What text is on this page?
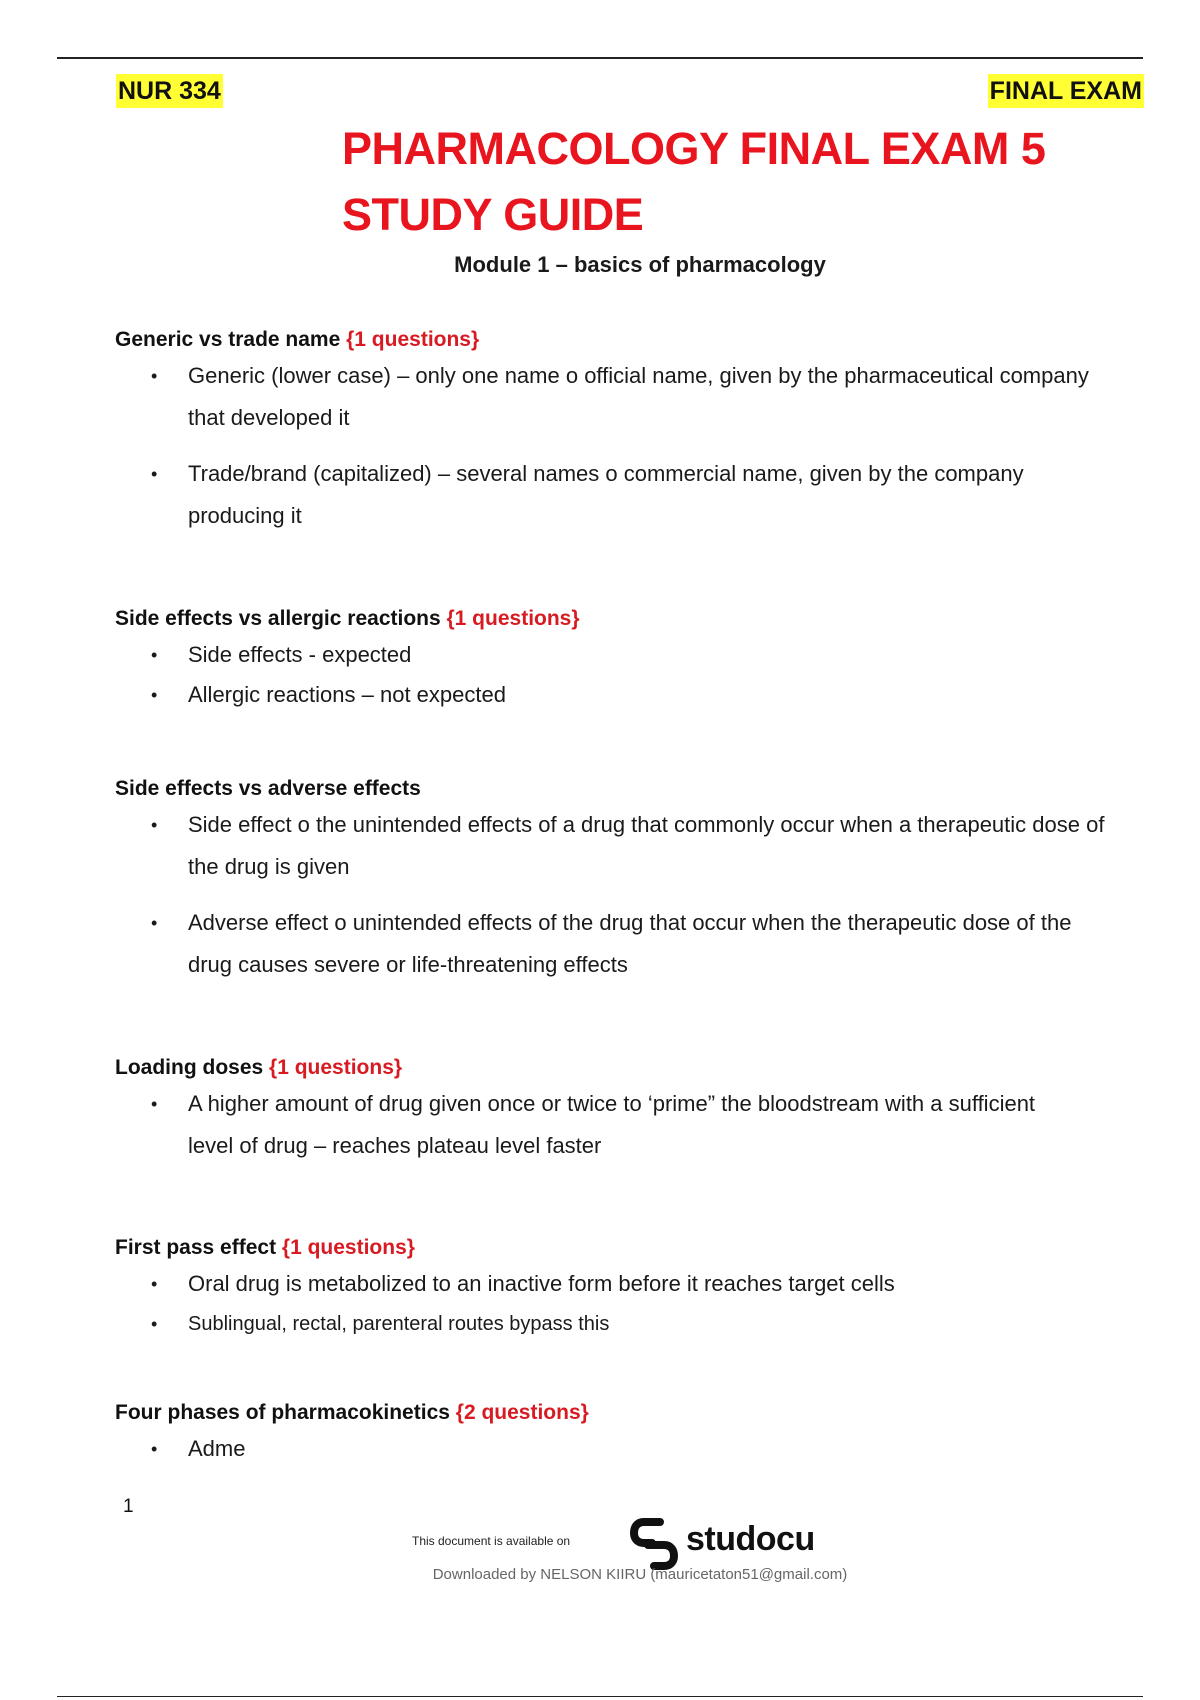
NUR 334	FINAL EXAM
PHARMACOLOGY FINAL EXAM 5
STUDY GUIDE
Module 1 – basics of pharmacology
Generic vs trade name {1 questions}
• Generic (lower case) – only one name o official name, given by the pharmaceutical company that developed it
• Trade/brand (capitalized) – several names o commercial name, given by the company producing it
Side effects vs allergic reactions {1 questions}
• Side effects - expected
• Allergic reactions – not expected
Side effects vs adverse effects
• Side effect o the unintended effects of a drug that commonly occur when a therapeutic dose of the drug is given
• Adverse effect o unintended effects of the drug that occur when the therapeutic dose of the drug causes severe or life-threatening effects
Loading doses {1 questions}
• A higher amount of drug given once or twice to ‘prime” the bloodstream with a sufficient level of drug – reaches plateau level faster
First pass effect {1 questions}
• Oral drug is metabolized to an inactive form before it reaches target cells
• Sublingual, rectal, parenteral routes bypass this
Four phases of pharmacokinetics {2 questions}
• Adme
1
This document is available on	studocu
Downloaded by NELSON KIIRU (mauricetaton51@gmail.com)
